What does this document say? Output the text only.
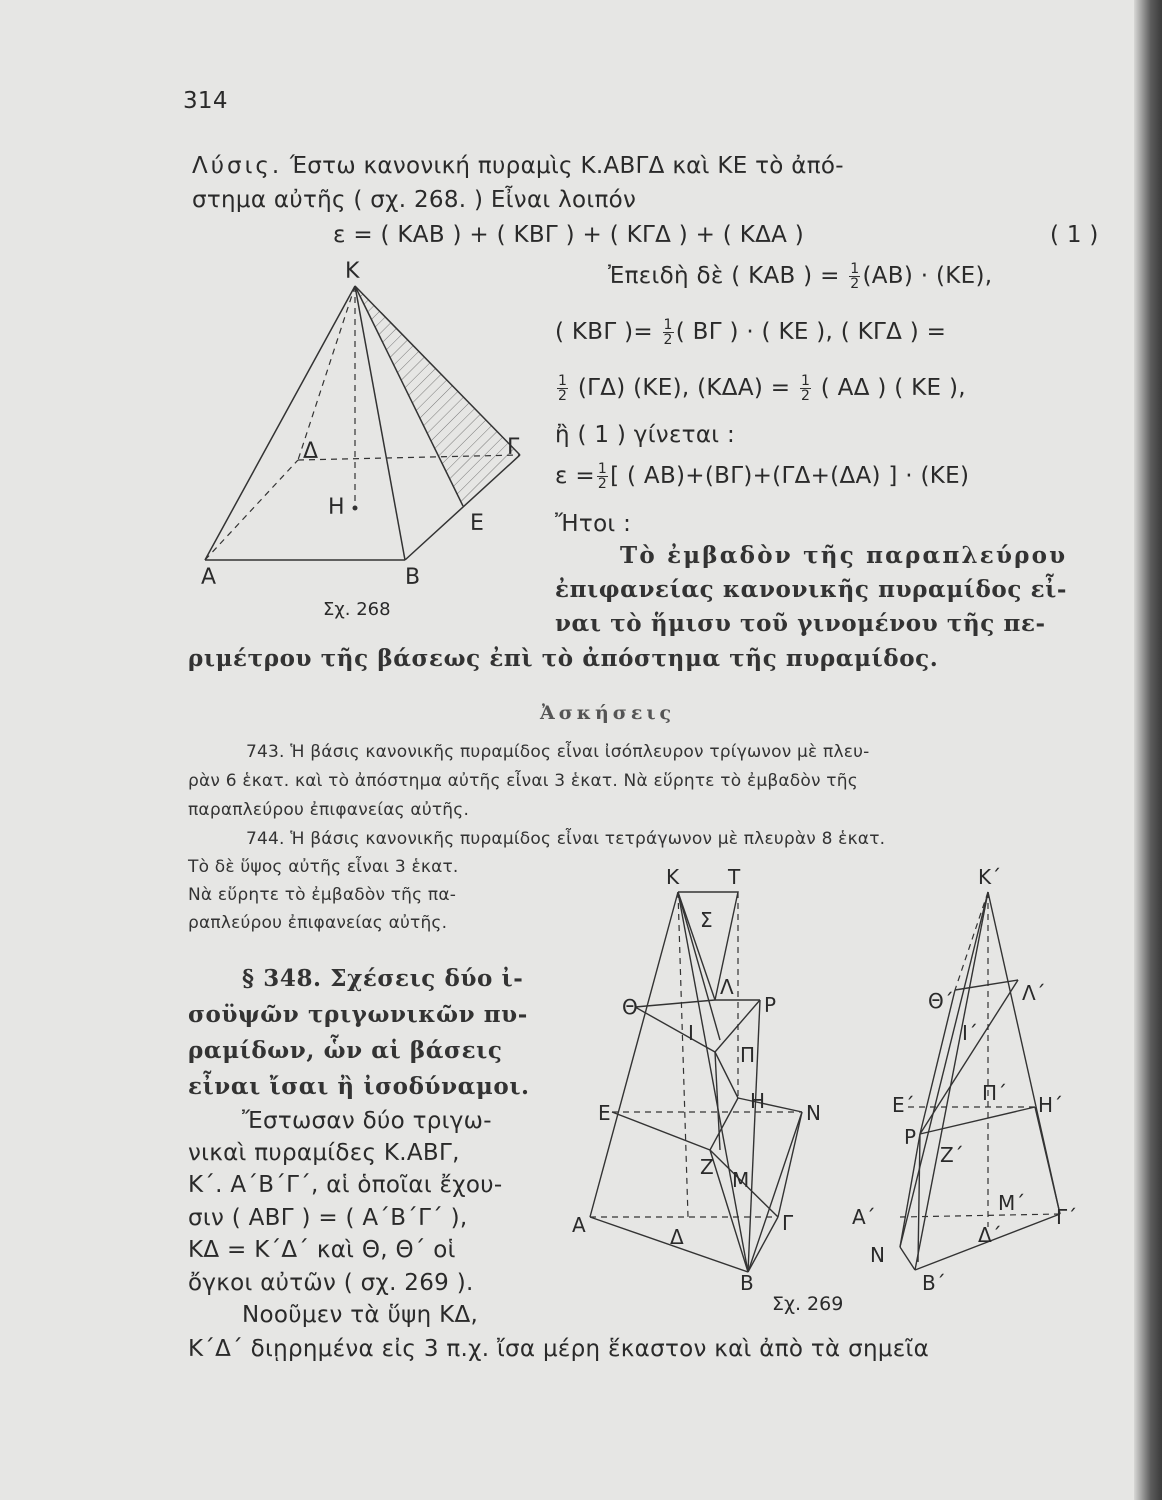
314
Λύσις. Έστω κανονική πυραμὶς Κ.ΑΒΓΔ καὶ ΚΕ τὸ ἀπό-
στημα αὐτῆς ( σχ. 268. ) Εἶναι λοιπόν
ε = ( ΚΑΒ ) + ( ΚΒΓ ) + ( ΚΓΔ ) + ( ΚΔΑ )	( 1 )
Ἐπειδὴ δὲ ( ΚΑΒ ) = $\frac{1}{2} (AB) \cdot (KE)$,
( ΚΒΓ )= $\frac{1}{2}$ ( ΒΓ ) · ( ΚΕ ), ( ΚΓΔ ) =
$\frac{1}{2} (\Gamma\Delta)$ (ΚΕ), $(K\Delta A) = \frac{1}{2}$ ( ΑΔ ) ( ΚΕ ),
ἢ ( 1 ) γίνεται :
$\varepsilon = \frac{1}{2}$ [ ( ΑΒ)+(ΒΓ)+(ΓΔ+(ΔΑ) ] · (ΚΕ)
Ἤτοι :
Τὸ ἐμβαδὸν τῆς παραπλεύρου
ἐπιφανείας κανονικῆς πυραμίδος εἶ-
ναι τὸ ἥμισυ τοῦ γινομένου τῆς πε-
ριμέτρου τῆς βάσεως ἐπὶ τὸ ἀπόστημα τῆς πυραμίδος.
Κ
Δ	Γ
Η
Ε
Α	Β
Σχ. 268
Ἀσκήσεις
743. Ἡ βάσις κανονικῆς πυραμίδος εἶναι ἰσόπλευρον τρίγωνον μὲ πλευ-
ρὰν 6 ἑκατ. καὶ τὸ ἀπόστημα αὐτῆς εἶναι 3 ἑκατ. Νὰ εὕρητε τὸ ἐμβαδὸν τῆς
παραπλεύρου ἐπιφανείας αὐτῆς.
744. Ἡ βάσις κανονικῆς πυραμίδος εἶναι τετράγωνον μὲ πλευρὰν 8 ἑκατ.
Τὸ δὲ ὕψος αὐτῆς εἶναι 3 ἑκατ.
Νὰ εὕρητε τὸ ἐμβαδὸν τῆς πα-
ραπλεύρου ἐπιφανείας αὐτῆς.
§ 348. Σχέσεις δύο ἰ-
σοϋψῶν τριγωνικῶν πυ-
ραμίδων, ὧν αἱ βάσεις
εἶναι ἴσαι ἢ ἰσοδύναμοι.
Ἔστωσαν δύο τριγω-
νικαὶ πυραμίδες Κ.ΑΒΓ,
Κ΄. Α΄Β΄Γ΄, αἱ ὁποῖαι ἔχου-
σιν ( ΑΒΓ ) = ( Α΄Β΄Γ΄ ),
ΚΔ = Κ΄Δ΄ καὶ Θ, Θ΄ οἱ
ὄγκοι αὐτῶν ( σχ. 269 ).
Νοοῦμεν τὰ ὕψη ΚΔ,
Κ΄Δ΄ διῃρημένα εἰς 3 π.χ. ἴσα μέρη ἕκαστον καὶ ἀπὸ τὰ σημεῖα
Κ Τ
Σ
Θ
Λ
Ρ
Ι
Π
Ε	Η Ν
Ζ
Μ
Α	Δ
Γ
Β
Κ΄
Θ΄	Λ΄
Ι΄
Ε΄	Π΄ Η΄
Ρ
Ζ΄
Α΄
Μ΄
Γ΄
Δ΄
Ν
Β΄
Σχ. 269
